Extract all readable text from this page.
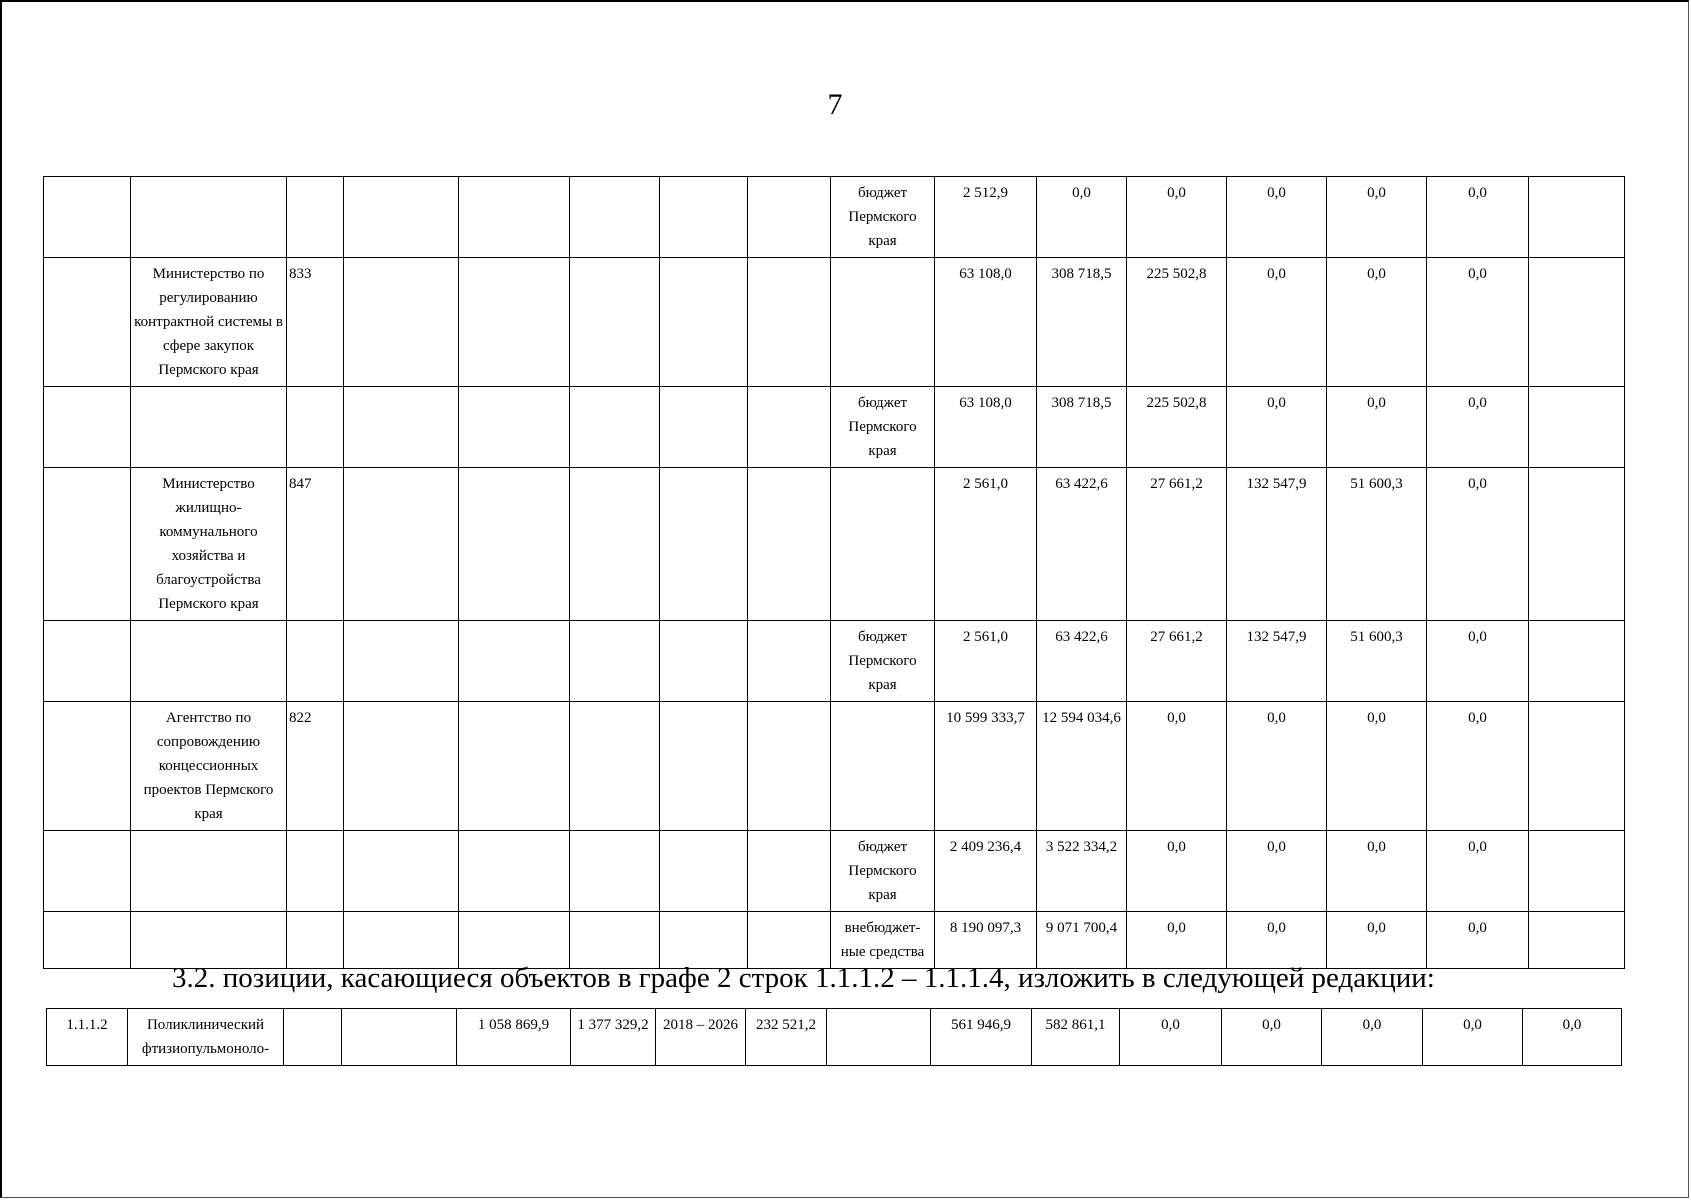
7
								бюджет Пермского края	2 512,9	0,0	0,0	0,0	0,0	0,0	
	Министерство по регулированию контрактной системы в сфере закупок Пермского края	833							63 108,0	308 718,5	225 502,8	0,0	0,0	0,0	
								бюджет Пермского края	63 108,0	308 718,5	225 502,8	0,0	0,0	0,0	
	Министерство жилищно-коммунального хозяйства и благоустройства Пермского края	847							2 561,0	63 422,6	27 661,2	132 547,9	51 600,3	0,0	
								бюджет Пермского края	2 561,0	63 422,6	27 661,2	132 547,9	51 600,3	0,0	
	Агентство по сопровождению концессионных проектов Пермского края	822							10 599 333,7	12 594 034,6	0,0	0,0	0,0	0,0	
								бюджет Пермского края	2 409 236,4	3 522 334,2	0,0	0,0	0,0	0,0	
								внебюджет-ные средства	8 190 097,3	9 071 700,4	0,0	0,0	0,0	0,0	
3.2. позиции, касающиеся объектов в графе 2 строк 1.1.1.2 – 1.1.1.4, изложить в следующей редакции:
1.1.1.2	Поликлинический фтизиопульмоноло-			1 058 869,9	1 377 329,2	2018 – 2026	232 521,2		561 946,9	582 861,1	0,0	0,0	0,0	0,0	0,0
